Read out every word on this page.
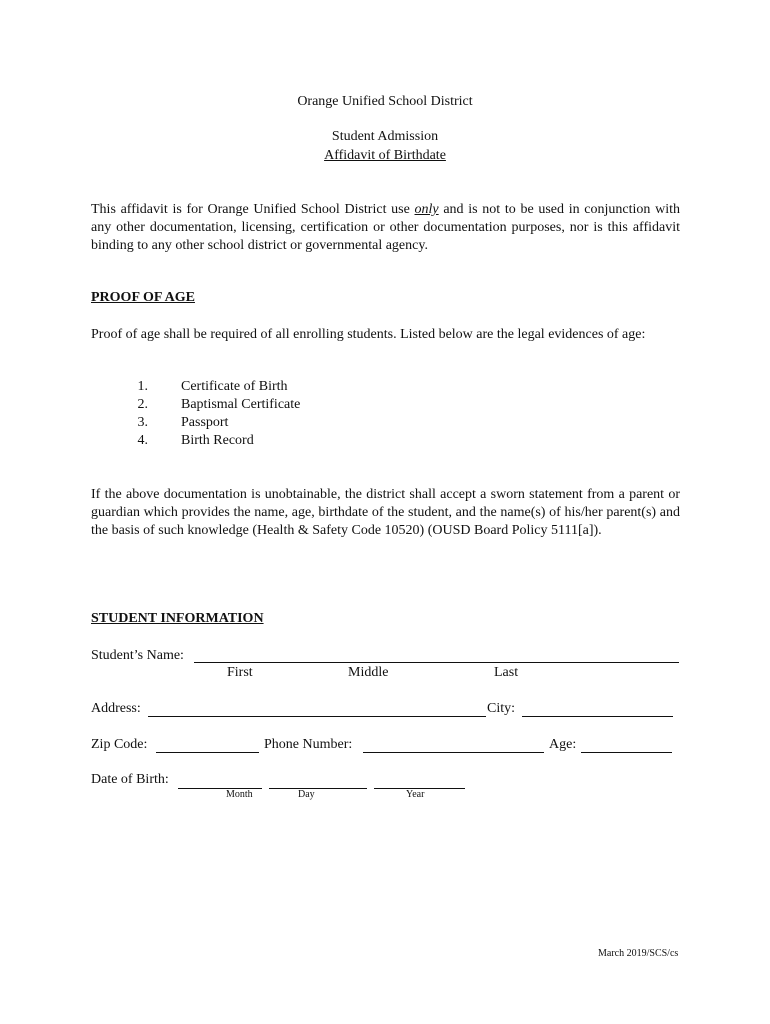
Orange Unified School District
Student Admission
Affidavit of Birthdate
This affidavit is for Orange Unified School District use only and is not to be used in conjunction with any other documentation, licensing, certification or other documentation purposes, nor is this affidavit binding to any other school district or governmental agency.
PROOF OF AGE
Proof of age shall be required of all enrolling students. Listed below are the legal evidences of age:
1. Certificate of Birth
2. Baptismal Certificate
3. Passport
4. Birth Record
If the above documentation is unobtainable, the district shall accept a sworn statement from a parent or guardian which provides the name, age, birthdate of the student, and the name(s) of his/her parent(s) and the basis of such knowledge (Health & Safety Code 10520) (OUSD Board Policy 5111[a]).
STUDENT INFORMATION
Student’s Name:
First	Middle	Last
Address:	City:
Zip Code:	Phone Number:	Age:
Date of Birth:
Month	Day	Year
March 2019/SCS/cs
